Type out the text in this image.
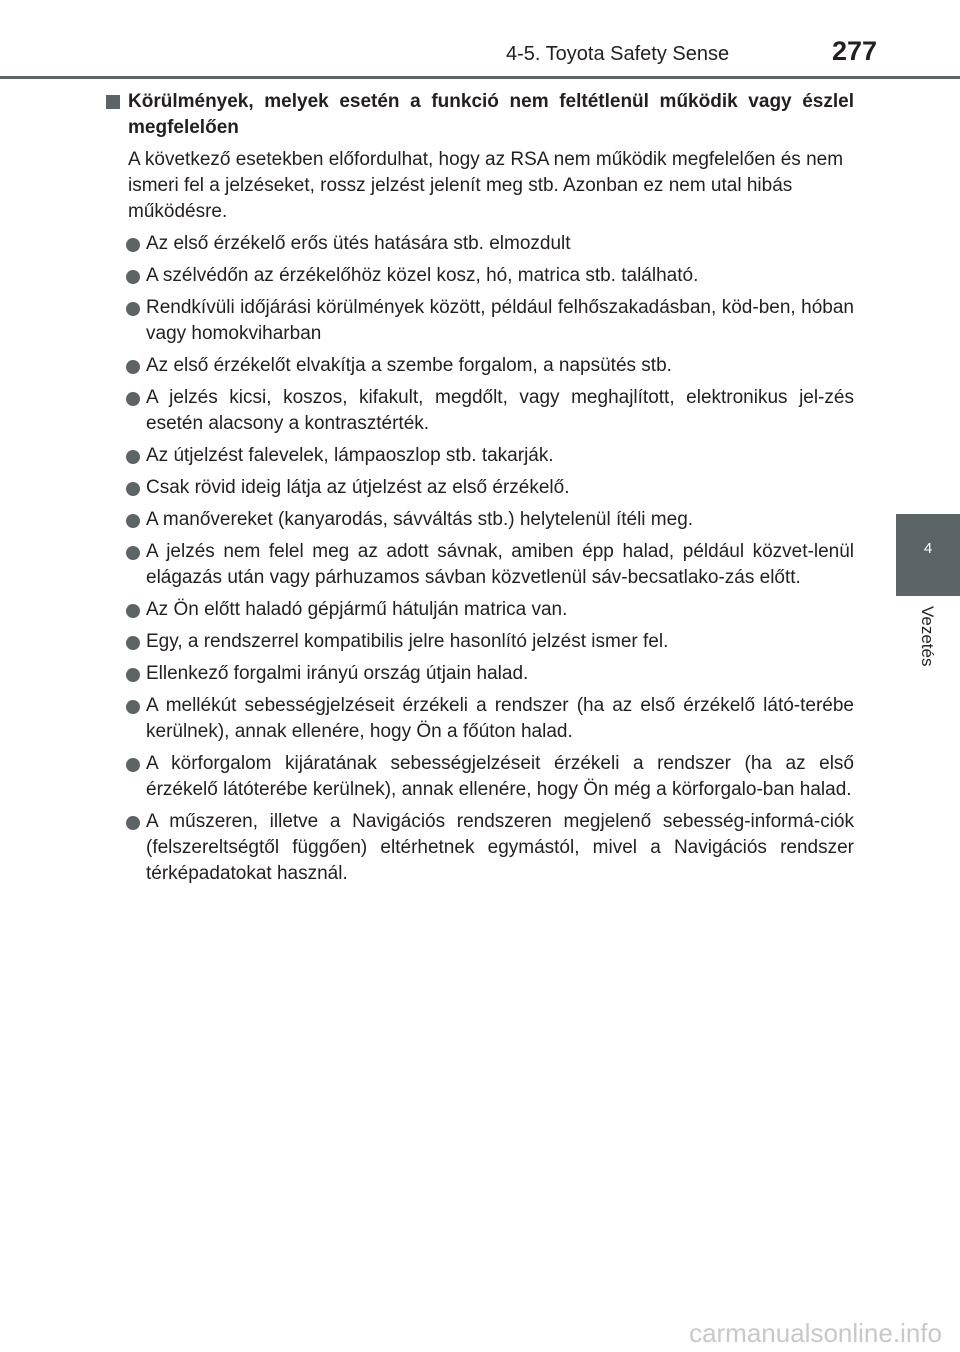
4-5. Toyota Safety Sense	277
4
Vezetés
Körülmények, melyek esetén a funkció nem feltétlenül működik vagy észlel megfelelően

A következő esetekben előfordulhat, hogy az RSA nem működik megfelelően és nem ismeri fel a jelzéseket, rossz jelzést jelenít meg stb. Azonban ez nem utal hibás működésre.

Az első érzékelő erős ütés hatására stb. elmozdult
A szélvédőn az érzékelőhöz közel kosz, hó, matrica stb. található.
Rendkívüli időjárási körülmények között, például felhőszakadásban, köd-ben, hóban vagy homokviharban
Az első érzékelőt elvakítja a szembe forgalom, a napsütés stb.
A jelzés kicsi, koszos, kifakult, megdőlt, vagy meghajlított, elektronikus jel-zés esetén alacsony a kontrasztérték.
Az útjelzést falevelek, lámpaoszlop stb. takarják.
Csak rövid ideig látja az útjelzést az első érzékelő.
A manővereket (kanyarodás, sávváltás stb.) helytelenül ítéli meg.
A jelzés nem felel meg az adott sávnak, amiben épp halad, például közvet-lenül elágazás után vagy párhuzamos sávban közvetlenül sáv-becsatlako-zás előtt.
Az Ön előtt haladó gépjármű hátulján matrica van.
Egy, a rendszerrel kompatibilis jelre hasonlító jelzést ismer fel.
Ellenkező forgalmi irányú ország útjain halad.
A mellékút sebességjelzéseit érzékeli a rendszer (ha az első érzékelő látó-terébe kerülnek), annak ellenére, hogy Ön a főúton halad.
A körforgalom kijáratának sebességjelzéseit érzékeli a rendszer (ha az első érzékelő látóterébe kerülnek), annak ellenére, hogy Ön még a körforgalo-ban halad.
A műszeren, illetve a Navigációs rendszeren megjelenő sebesség-informá-ciók (felszereltségtől függően) eltérhetnek egymástól, mivel a Navigációs rendszer térképadatokat használ.
carmanualsonline.info
